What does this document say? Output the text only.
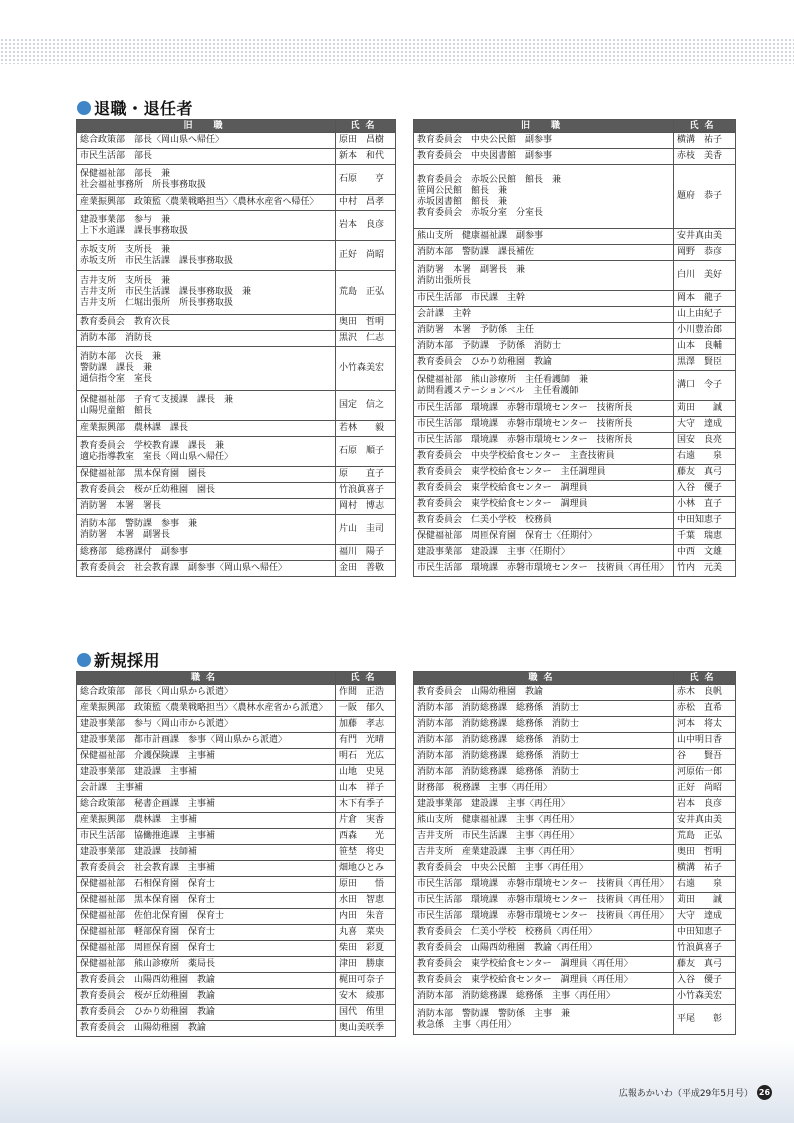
退職・退任者
旧　職	氏名
総合政策部　部長〈岡山県へ帰任〉	原田　昌樹
市民生活部　部長	新本　和代
保健福祉部　部長　兼
社会福祉事務所　所長事務取扱	石原　　亨
産業振興部　政策監〈農業戦略担当〉〈農林水産省へ帰任〉	中村　昌孝
建設事業部　参与　兼
上下水道課　課長事務取扱	岩本　良彦
赤坂支所　支所長　兼
赤坂支所　市民生活課　課長事務取扱	正好　尚昭
吉井支所　支所長　兼
吉井支所　市民生活課　課長事務取扱　兼
吉井支所　仁堀出張所　所長事務取扱	荒島　正弘
教育委員会　教育次長	奥田　哲明
消防本部　消防長	黒沢　仁志
消防本部　次長　兼
警防課　課長　兼
通信指令室　室長	小竹森美宏
保健福祉部　子育て支援課　課長　兼
山陽児童館　館長	国定　信之
産業振興部　農林課　課長	若林　　毅
教育委員会　学校教育課　課長　兼
適応指導教室　室長〈岡山県へ帰任〉	石原　順子
保健福祉部　黒本保育園　園長	原　　直子
教育委員会　桜が丘幼稚園　園長	竹浪眞喜子
消防署　本署　署長	岡村　博志
消防本部　警防課　参事　兼
消防署　本署　副署長	片山　圭司
総務部　総務課付　副参事	福川　陽子
教育委員会　社会教育課　副参事〈岡山県へ帰任〉	金田　善敬
旧　職	氏名
教育委員会　中央公民館　副参事	横溝　祐子
教育委員会　中央図書館　副参事	赤枝　美香
教育委員会　赤坂公民館　館長　兼
笹岡公民館　館長　兼
赤坂図書館　館長　兼
教育委員会　赤坂分室　分室長	題府　恭子
熊山支所　健康福祉課　副参事	安井真由美
消防本部　警防課　課長補佐	岡野　恭彦
消防署　本署　副署長　兼
消防出張所長	白川　美好
市民生活部　市民課　主幹	岡本　龍子
会計課　主幹	山上由紀子
消防署　本署　予防係　主任	小川豊治郎
消防本部　予防課　予防係　消防士	山本　良輔
教育委員会　ひかり幼稚園　教諭	黒澤　賢臣
保健福祉部　熊山診療所　主任看護師　兼
訪問看護ステーションベル　主任看護師	溝口　令子
市民生活部　環境課　赤磐市環境センター　技術所長	苅田　　誠
市民生活部　環境課　赤磐市環境センター　技術所長	大守　達成
市民生活部　環境課　赤磐市環境センター　技術所長	国安　良亮
教育委員会　中央学校給食センター　主査技術員	右遠　　泉
教育委員会　東学校給食センター　主任調理員	藤友　真弓
教育委員会　東学校給食センター　調理員	入谷　優子
教育委員会　東学校給食センター　調理員	小林　直子
教育委員会　仁美小学校　校務員	中田知恵子
保健福祉部　周匝保育園　保育士〈任期付〉	千葉　瑞恵
建設事業部　建設課　主事〈任期付〉	中西　文雄
市民生活部　環境課　赤磐市環境センター　技術員〈再任用〉	竹内　元美
新規採用
職名	氏名
総合政策部　部長〈岡山県から派遣〉	作間　正浩
産業振興部　政策監〈農業戦略担当〉〈農林水産省から派遣〉	一阪　郁久
建設事業部　参与〈岡山市から派遣〉	加藤　孝志
建設事業部　都市計画課　参事〈岡山県から派遣〉	有門　光晴
保健福祉部　介護保険課　主事補	明石　光広
建設事業部　建設課　主事補	山地　史晃
会計課　主事補	山本　祥子
総合政策部　秘書企画課　主事補	木下有季子
産業振興部　農林課　主事補	片倉　実香
市民生活部　協働推進課　主事補	西森　　光
建設事業部　建設課　技師補	笹埜　将史
教育委員会　社会教育課　主事補	畑地ひとみ
保健福祉部　石相保育園　保育士	原田　　悟
保健福祉部　黒本保育園　保育士	水田　智恵
保健福祉部　佐伯北保育園　保育士	内田　朱音
保健福祉部　軽部保育園　保育士	丸喜　菜央
保健福祉部　周匝保育園　保育士	柴田　彩夏
保健福祉部　熊山診療所　薬局長	津田　勝康
教育委員会　山陽西幼稚園　教諭	梶田可奈子
教育委員会　桜が丘幼稚園　教諭	安木　綾那
教育委員会　ひかり幼稚園　教諭	国代　侑里
教育委員会　山陽幼稚園　教諭	奥山美咲季
職名	氏名
教育委員会　山陽幼稚園　教諭	赤木　良帆
消防本部　消防総務課　総務係　消防士	赤松　直希
消防本部　消防総務課　総務係　消防士	河本　将太
消防本部　消防総務課　総務係　消防士	山中明日香
消防本部　消防総務課　総務係　消防士	谷　　賢吾
消防本部　消防総務課　総務係　消防士	河原佑一郎
財務部　税務課　主事〈再任用〉	正好　尚昭
建設事業部　建設課　主事〈再任用〉	岩本　良彦
熊山支所　健康福祉課　主事〈再任用〉	安井真由美
吉井支所　市民生活課　主事〈再任用〉	荒島　正弘
吉井支所　産業建設課　主事〈再任用〉	奥田　哲明
教育委員会　中央公民館　主事〈再任用〉	横溝　祐子
市民生活部　環境課　赤磐市環境センター　技術員〈再任用〉	右遠　　泉
市民生活部　環境課　赤磐市環境センター　技術員〈再任用〉	苅田　　誠
市民生活部　環境課　赤磐市環境センター　技術員〈再任用〉	大守　達成
教育委員会　仁美小学校　校務員〈再任用〉	中田知恵子
教育委員会　山陽西幼稚園　教諭〈再任用〉	竹浪眞喜子
教育委員会　東学校給食センター　調理員〈再任用〉	藤友　真弓
教育委員会　東学校給食センター　調理員〈再任用〉	入谷　優子
消防本部　消防総務課　総務係　主事〈再任用〉	小竹森美宏
消防本部　警防課　警防係　主事　兼
救急係　主事〈再任用〉	平尾　　彰
広報あかいわ（平成29年5月号） 26
